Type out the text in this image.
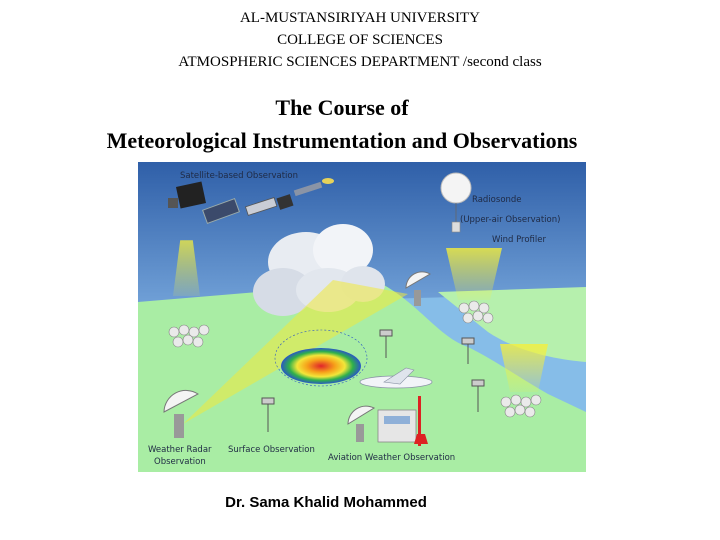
AL-MUSTANSIRIYAH UNIVERSITY
COLLEGE OF SCIENCES
ATMOSPHERIC SCIENCES DEPARTMENT /second class
The Course of
Meteorological Instrumentation and Observations
Satellite-based Observation
Radiosonde
(Upper-air Observation)
Wind Profiler
Weather Radar
Observation
Surface Observation
Aviation Weather Observation
Dr. Sama Khalid Mohammed
